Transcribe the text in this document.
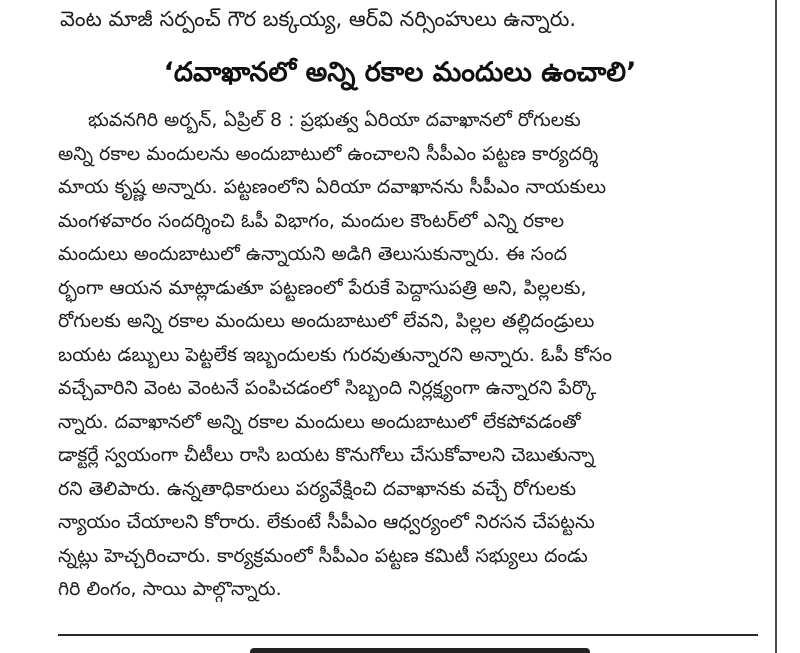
వెంట మాజీ సర్పంచ్ గౌర బక్కయ్య, ఆర్‌వి నర్సింహులు ఉన్నారు.
‘దవాఖానలో అన్ని రకాల మందులు ఉంచాలి’
భువనగిరి అర్బన్, ఏప్రిల్ 8 : ప్రభుత్వ ఏరియా దవాఖానలో రోగులకు
అన్ని రకాల మందులను అందుబాటులో ఉంచాలని సీపీఎం పట్టణ కార్యదర్శి
మాయ కృష్ణ అన్నారు. పట్టణంలోని ఏరియా దవాఖానను సీపీఎం నాయకులు
మంగళవారం సందర్శించి ఓపీ విభాగం, మందుల కౌంటర్‌లో ఎన్ని రకాల
మందులు అందుబాటులో ఉన్నాయని అడిగి తెలుసుకున్నారు. ఈ సంద
ర్భంగా ఆయన మాట్లాడుతూ పట్టణంలో పేరుకే పెద్దాసుపత్రి అని, పిల్లలకు,
రోగులకు అన్ని రకాల మందులు అందుబాటులో లేవని, పిల్లల తల్లిదండ్రులు
బయట డబ్బులు పెట్టలేక ఇబ్బందులకు గురవుతున్నారని అన్నారు. ఓపీ కోసం
వచ్చేవారిని వెంట వెంటనే పంపిచడంలో సిబ్బంది నిర్లక్ష్యంగా ఉన్నారని పేర్కొ
న్నారు. దవాఖానలో అన్ని రకాల మందులు అందుబాటులో లేకపోవడంతో
డాక్టర్లే స్వయంగా చీటీలు రాసి బయట కొనుగోలు చేసుకోవాలని చెబుతున్నా
రని తెలిపారు. ఉన్నతాధికారులు పర్యవేక్షించి దవాఖానకు వచ్చే రోగులకు
న్యాయం చేయాలని కోరారు. లేకుంటే సీపీఎం ఆధ్వర్యంలో నిరసన చేపట్టను
న్నట్లు హెచ్చరించారు. కార్యక్రమంలో సీపీఎం పట్టణ కమిటీ సభ్యులు దండు
గిరి లింగం, సాయి పాల్గొన్నారు.
